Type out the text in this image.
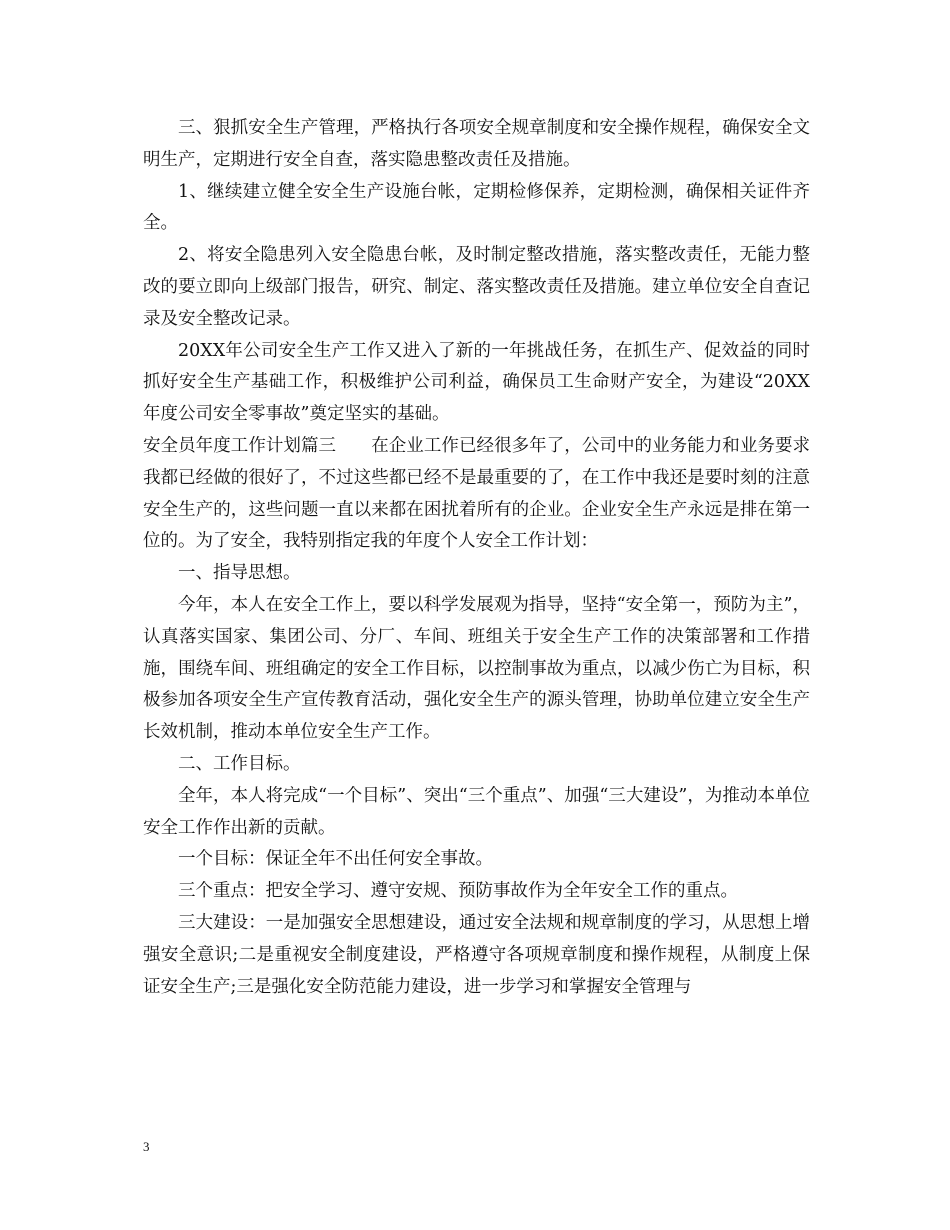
三、狠抓安全生产管理，严格执行各项安全规章制度和安全操作规程，确保安全文明生产，定期进行安全自查，落实隐患整改责任及措施。

1、继续建立健全安全生产设施台帐，定期检修保养，定期检测，确保相关证件齐全。

2、将安全隐患列入安全隐患台帐，及时制定整改措施，落实整改责任，无能力整改的要立即向上级部门报告，研究、制定、落实整改责任及措施。建立单位安全自查记录及安全整改记录。

20XX年公司安全生产工作又进入了新的一年挑战任务，在抓生产、促效益的同时抓好安全生产基础工作，积极维护公司利益，确保员工生命财产安全，为建设“20XX年度公司安全零事故”奠定坚实的基础。

安全员年度工作计划篇三　　在企业工作已经很多年了，公司中的业务能力和业务要求我都已经做的很好了，不过这些都已经不是最重要的了，在工作中我还是要时刻的注意安全生产的，这些问题一直以来都在困扰着所有的企业。企业安全生产永远是排在第一位的。为了安全，我特别指定我的年度个人安全工作计划：

一、指导思想。

今年，本人在安全工作上，要以科学发展观为指导，坚持“安全第一，预防为主”，认真落实国家、集团公司、分厂、车间、班组关于安全生产工作的决策部署和工作措施，围绕车间、班组确定的安全工作目标，以控制事故为重点，以减少伤亡为目标，积极参加各项安全生产宣传教育活动，强化安全生产的源头管理，协助单位建立安全生产长效机制，推动本单位安全生产工作。

二、工作目标。

全年，本人将完成“一个目标”、突出“三个重点”、加强“三大建设”，为推动本单位安全工作作出新的贡献。

一个目标：保证全年不出任何安全事故。

三个重点：把安全学习、遵守安规、预防事故作为全年安全工作的重点。

三大建设：一是加强安全思想建设，通过安全法规和规章制度的学习，从思想上增强安全意识;二是重视安全制度建设，严格遵守各项规章制度和操作规程，从制度上保证安全生产;三是强化安全防范能力建设，进一步学习和掌握安全管理与

3
